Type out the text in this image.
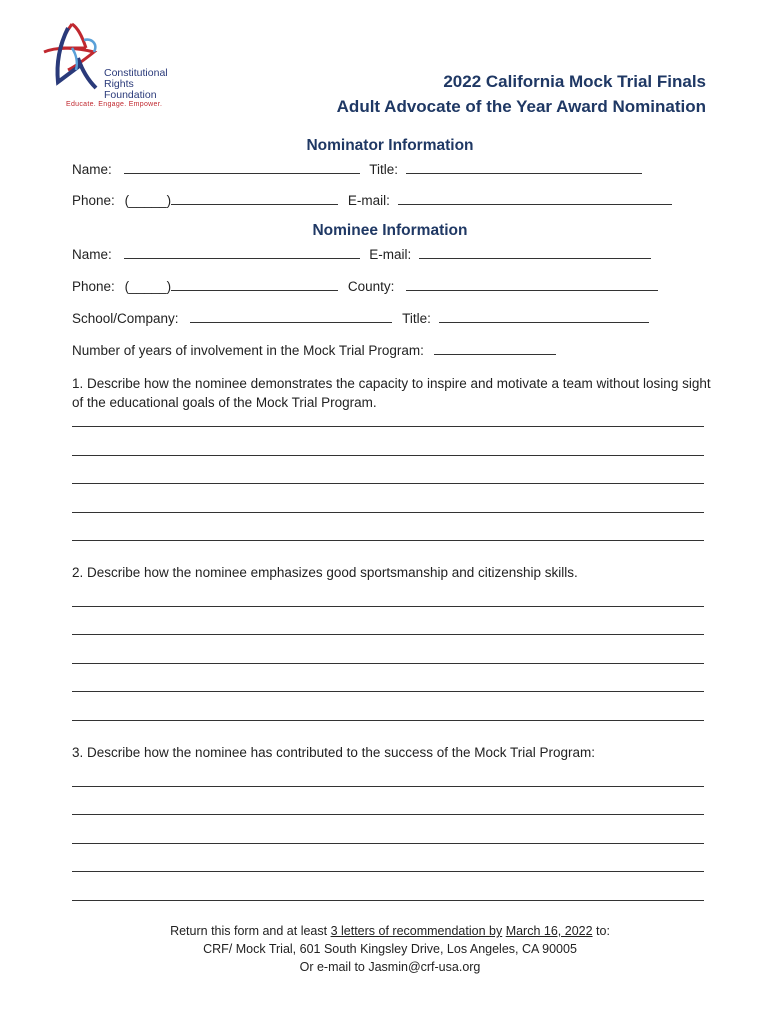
Constitutional
Rights
Foundation
Educate. Engage. Empower.
2022 California Mock Trial Finals
Adult Advocate of the Year Award Nomination
Nominator Information
Name:	Title:
Phone: (_____)	E-mail:
Nominee Information
Name:	E-mail:
Phone: (_____)	County:
School/Company:	Title:
Number of years of involvement in the Mock Trial Program:
1. Describe how the nominee demonstrates the capacity to inspire and motivate a team without losing sight of the educational goals of the Mock Trial Program.
2. Describe how the nominee emphasizes good sportsmanship and citizenship skills.
3. Describe how the nominee has contributed to the success of the Mock Trial Program:
Return this form and at least 3 letters of recommendation by March 16, 2022 to:
CRF/ Mock Trial, 601 South Kingsley Drive, Los Angeles, CA 90005
Or e-mail to Jasmin@crf-usa.org
